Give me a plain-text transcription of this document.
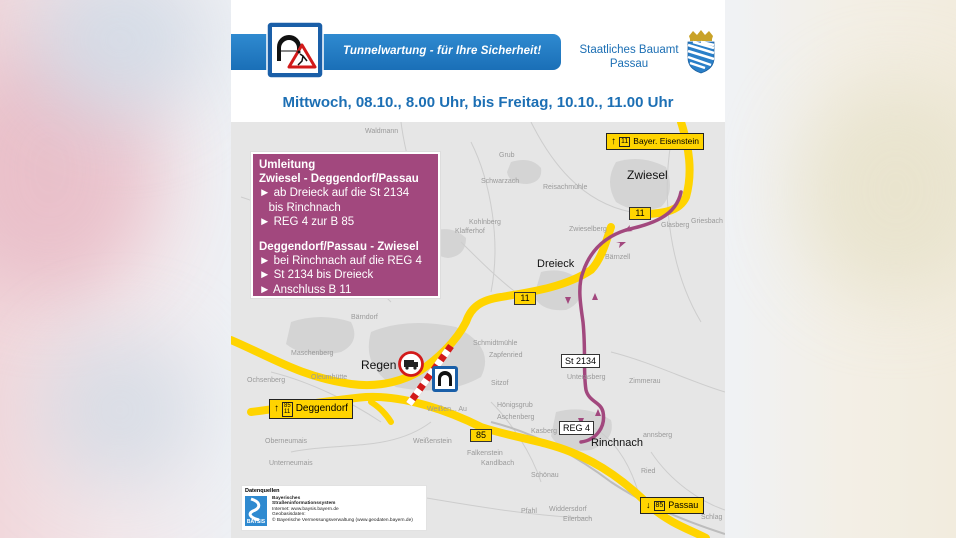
Tunnelwartung - für Ihre Sicherheit!	Staatliches Bauamt
Passau
Mittwoch, 08.10., 8.00 Uhr, bis Freitag, 10.10., 11.00 Uhr
Umleitung
Zwiesel - Deggendorf/Passau
► ab Dreieck auf die St 2134
bis Rinchnach
► REG 4 zur B 85
Deggendorf/Passau - Zwiesel
► bei Rinchnach auf die REG 4
► St 2134 bis Dreieck
► Anschluss B 11
Waldmann
Grub
Schwarzach
Reisachmühle
Kohlnberg
Klafferhof	Zwieselberg
Glasberg
Griesbach
Bärnzell
Bärndorf
Maschenberg
Ochsenberg	Oleumhütte
Schmidtmühle
Zapfenried
Sitzof
Hönigsgrub
Aschenberg
Zimmerau
Unterasberg
Kasberg
annsberg
Oberneumais
Unterneumais
Weißenstein
Falkenstein
Kandlbach
Schönau
Ried
Widdersdorf
Pfahl
Eilerbach	Schlag
Weißen... Au
Zwiesel
Dreieck
Regen
Rinchnach
11
11
85
St 2134
REG 4
↑ 11 Bayer. Eisenstein
↑ 85
11 Deggendorf
↓ 85 Passau
Datenquellen
BAYSIS
Bayerisches
Straßeninformationssystem
Internet: www.baysis.bayern.de
Geobasisdaten:
© Bayerische Vermessungsverwaltung (www.geodaten.bayern.de)
